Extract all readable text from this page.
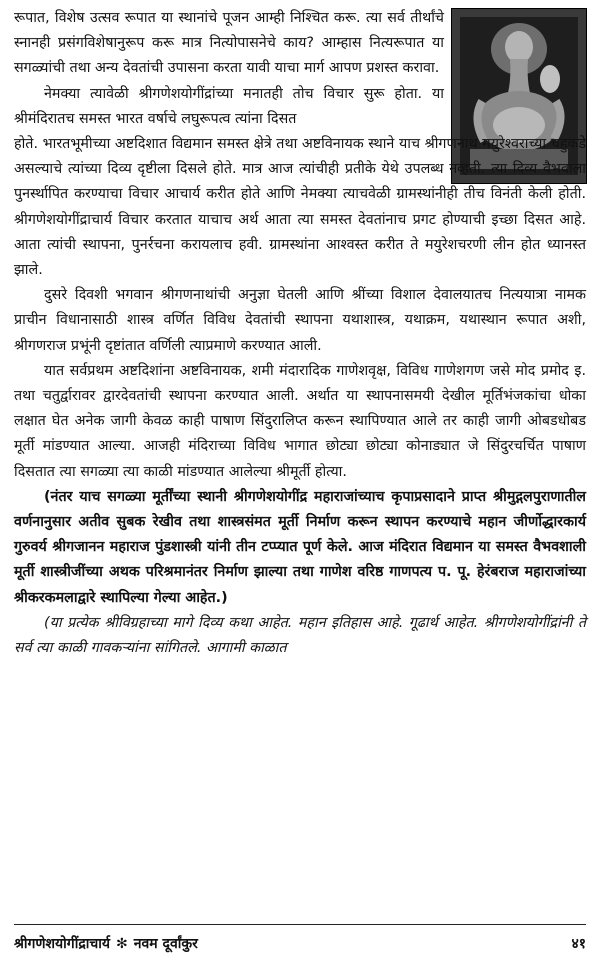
रूपात, विशेष उत्सव रूपात या स्थानांचे पूजन आम्ही निश्चित करू. त्या सर्व तीर्थांचे स्नानही प्रसंगविशेषानुरूप करू मात्र नित्योपासनेचे काय? आम्हास नित्यरूपात या सगळ्यांची तथा अन्य देवतांची उपासना करता यावी याचा मार्ग आपण प्रशस्त करावा.

नेमक्या त्यावेळी श्रीगणेशयोगींद्रांच्या मनातही तोच विचार सुरू होता. या श्रीमंदिरातच समस्त भारत वर्षाचे लघुरूपत्व त्यांना दिसत

होते. भारतभूमीच्या अष्टदिशात विद्यमान समस्त क्षेत्रे तथा अष्टविनायक स्थाने याच श्रीगणनाथ मयुरेश्वराच्या चहुकडे असल्याचे त्यांच्या दिव्य दृष्टीला दिसले होते. मात्र आज त्यांचीही प्रतीके येथे उपलब्ध नव्हती. त्या दिव्य वैभवाला पुनर्स्थापित करण्याचा विचार आचार्य करीत होते आणि नेमक्या त्याचवेळी ग्रामस्थांनीही तीच विनंती केली होती. श्रीगणेशयोगींद्राचार्य विचार करतात याचाच अर्थ आता त्या समस्त देवतांनाच प्रगट होण्याची इच्छा दिसत आहे. आता त्यांची स्थापना, पुनर्रचना करायलाच हवी. ग्रामस्थांना आश्वस्त करीत ते मयुरेशचरणी लीन होत ध्यानस्त झाले.

दुसरे दिवशी भगवान श्रीगणनाथांची अनुज्ञा घेतली आणि श्रींच्या विशाल देवालयातच नित्ययात्रा नामक प्राचीन विधानासाठी शास्त्र वर्णित विविध देवतांची स्थापना यथाशास्त्र, यथाक्रम, यथास्थान रूपात अशी, श्रीगणराज प्रभूंनी दृष्टांतात वर्णिली त्याप्रमाणे करण्यात आली.

यात सर्वप्रथम अष्टदिशांना अष्टविनायक, शमी मंदारादिक गाणेशवृक्ष, विविध गाणेशगण जसे मोद प्रमोद इ. तथा चतुर्द्वारावर द्वारदेवतांची स्थापना करण्यात आली. अर्थात या स्थापनासमयी देखील मूर्तिभंजकांचा धोका लक्षात घेत अनेक जागी केवळ काही पाषाण सिंदुरालिप्त करून स्थापिण्यात आले तर काही जागी ओबडधोबड मूर्ती मांडण्यात आल्या. आजही मंदिराच्या विविध भागात छोट्या छोट्या कोनाड्यात जे सिंदुरचर्चित पाषाण दिसतात त्या सगळ्या त्या काळी मांडण्यात आलेल्या श्रीमूर्ती होत्या.

(नंतर याच सगळ्या मूर्तींच्या स्थानी श्रीगणेशयोगींद्र महाराजांच्याच कृपाप्रसादाने प्राप्त श्रीमुद्गलपुराणातील वर्णनानुसार अतीव सुबक रेखीव तथा शास्त्रसंमत मूर्ती निर्माण करून स्थापन करण्याचे महान जीर्णोद्धारकार्य गुरुवर्य श्रीगजानन महाराज पुंडशास्त्री यांनी तीन टप्प्यात पूर्ण केले. आज मंदिरात विद्यमान या समस्त वैभवशाली मूर्ती शास्त्रीजींच्या अथक परिश्रमानंतर निर्माण झाल्या तथा गाणेश वरिष्ठ गाणपत्य प. पू. हेरंबराज महाराजांच्या श्रीकरकमलाद्वारे स्थापिल्या गेल्या आहेत.)

(या प्रत्येक श्रीविग्रहाच्या मागे दिव्य कथा आहेत. महान इतिहास आहे. गूढार्थ आहेत. श्रीगणेशयोगींद्रांनी ते सर्व त्या काळी गावकऱ्यांना सांगितले. आगामी काळात

श्रीगणेशयोगींद्राचार्य ✻ नवम दूर्वांकुर	४१
